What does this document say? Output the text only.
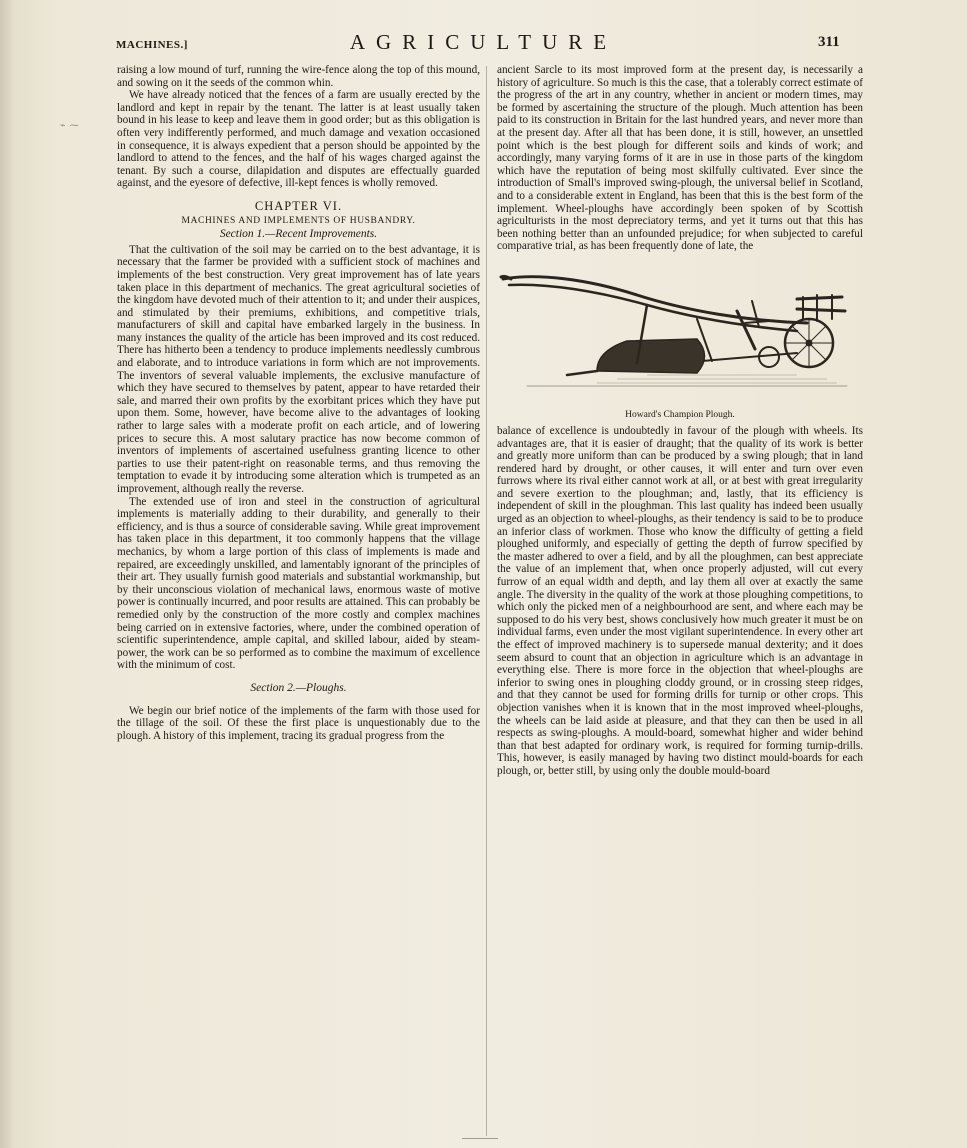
MACHINES.]	AGRICULTURE	311
⌁ ⁓

raising a low mound of turf, running the wire-fence along the top of this mound, and sowing on it the seeds of the common whin.

We have already noticed that the fences of a farm are usually erected by the landlord and kept in repair by the tenant. The latter is at least usually taken bound in his lease to keep and leave them in good order; but as this obligation is often very indifferently performed, and much damage and vexation occasioned in consequence, it is always expedient that a person should be appointed by the landlord to attend to the fences, and the half of his wages charged against the tenant. By such a course, dilapidation and disputes are effectually guarded against, and the eyesore of defective, ill-kept fences is wholly removed.

CHAPTER VI.
MACHINES AND IMPLEMENTS OF HUSBANDRY.
Section 1.—Recent Improvements.

That the cultivation of the soil may be carried on to the best advantage, it is necessary that the farmer be provided with a sufficient stock of machines and implements of the best construction. Very great improvement has of late years taken place in this department of mechanics. The great agricultural societies of the kingdom have devoted much of their attention to it; and under their auspices, and stimulated by their premiums, exhibitions, and competitive trials, manufacturers of skill and capital have embarked largely in the business. In many instances the quality of the article has been improved and its cost reduced. There has hitherto been a tendency to produce implements needlessly cumbrous and elaborate, and to introduce variations in form which are not improvements. The inventors of several valuable implements, the exclusive manufacture of which they have secured to themselves by patent, appear to have retarded their sale, and marred their own profits by the exorbitant prices which they have put upon them. Some, however, have become alive to the advantages of looking rather to large sales with a moderate profit on each article, and of lowering prices to secure this. A most salutary practice has now become common of inventors of implements of ascertained usefulness granting licence to other parties to use their patent-right on reasonable terms, and thus removing the temptation to evade it by introducing some alteration which is trumpeted as an improvement, although really the reverse.

The extended use of iron and steel in the construction of agricultural implements is materially adding to their durability, and generally to their efficiency, and is thus a source of considerable saving. While great improvement has taken place in this department, it too commonly happens that the village mechanics, by whom a large portion of this class of implements is made and repaired, are exceedingly unskilled, and lamentably ignorant of the principles of their art. They usually furnish good materials and substantial workmanship, but by their unconscious violation of mechanical laws, enormous waste of motive power is continually incurred, and poor results are attained. This can probably be remedied only by the construction of the more costly and complex machines being carried on in extensive factories, where, under the combined operation of scientific superintendence, ample capital, and skilled labour, aided by steam-power, the work can be so performed as to combine the maximum of excellence with the minimum of cost.

Section 2.—Ploughs.

We begin our brief notice of the implements of the farm with those used for the tillage of the soil. Of these the first place is unquestionably due to the plough. A history of this implement, tracing its gradual progress from the

ancient Sarcle to its most improved form at the present day, is necessarily a history of agriculture. So much is this the case, that a tolerably correct estimate of the progress of the art in any country, whether in ancient or modern times, may be formed by ascertaining the structure of the plough. Much attention has been paid to its construction in Britain for the last hundred years, and never more than at the present day. After all that has been done, it is still, however, an unsettled point which is the best plough for different soils and kinds of work; and accordingly, many varying forms of it are in use in those parts of the kingdom which have the reputation of being most skilfully cultivated. Ever since the introduction of Small's improved swing-plough, the universal belief in Scotland, and to a considerable extent in England, has been that this is the best form of the implement. Wheel-ploughs have accordingly been spoken of by Scottish agriculturists in the most depreciatory terms, and yet it turns out that this has been nothing better than an unfounded prejudice; for when subjected to careful comparative trial, as has been frequently done of late, the

Howard's Champion Plough.

balance of excellence is undoubtedly in favour of the plough with wheels. Its advantages are, that it is easier of draught; that the quality of its work is better and greatly more uniform than can be produced by a swing plough; that in land rendered hard by drought, or other causes, it will enter and turn over even furrows where its rival either cannot work at all, or at best with great irregularity and severe exertion to the ploughman; and, lastly, that its efficiency is independent of skill in the ploughman. This last quality has indeed been usually urged as an objection to wheel-ploughs, as their tendency is said to be to produce an inferior class of workmen. Those who know the difficulty of getting a field ploughed uniformly, and especially of getting the depth of furrow specified by the master adhered to over a field, and by all the ploughmen, can best appreciate the value of an implement that, when once properly adjusted, will cut every furrow of an equal width and depth, and lay them all over at exactly the same angle. The diversity in the quality of the work at those ploughing competitions, to which only the picked men of a neighbourhood are sent, and where each may be supposed to do his very best, shows conclusively how much greater it must be on individual farms, even under the most vigilant superintendence. In every other art the effect of improved machinery is to supersede manual dexterity; and it does seem absurd to count that an objection in agriculture which is an advantage in everything else. There is more force in the objection that wheel-ploughs are inferior to swing ones in ploughing cloddy ground, or in crossing steep ridges, and that they cannot be used for forming drills for turnip or other crops. This objection vanishes when it is known that in the most improved wheel-ploughs, the wheels can be laid aside at pleasure, and that they can then be used in all respects as swing-ploughs. A mould-board, somewhat higher and wider behind than that best adapted for ordinary work, is required for forming turnip-drills. This, however, is easily managed by having two distinct mould-boards for each plough, or, better still, by using only the double mould-board
